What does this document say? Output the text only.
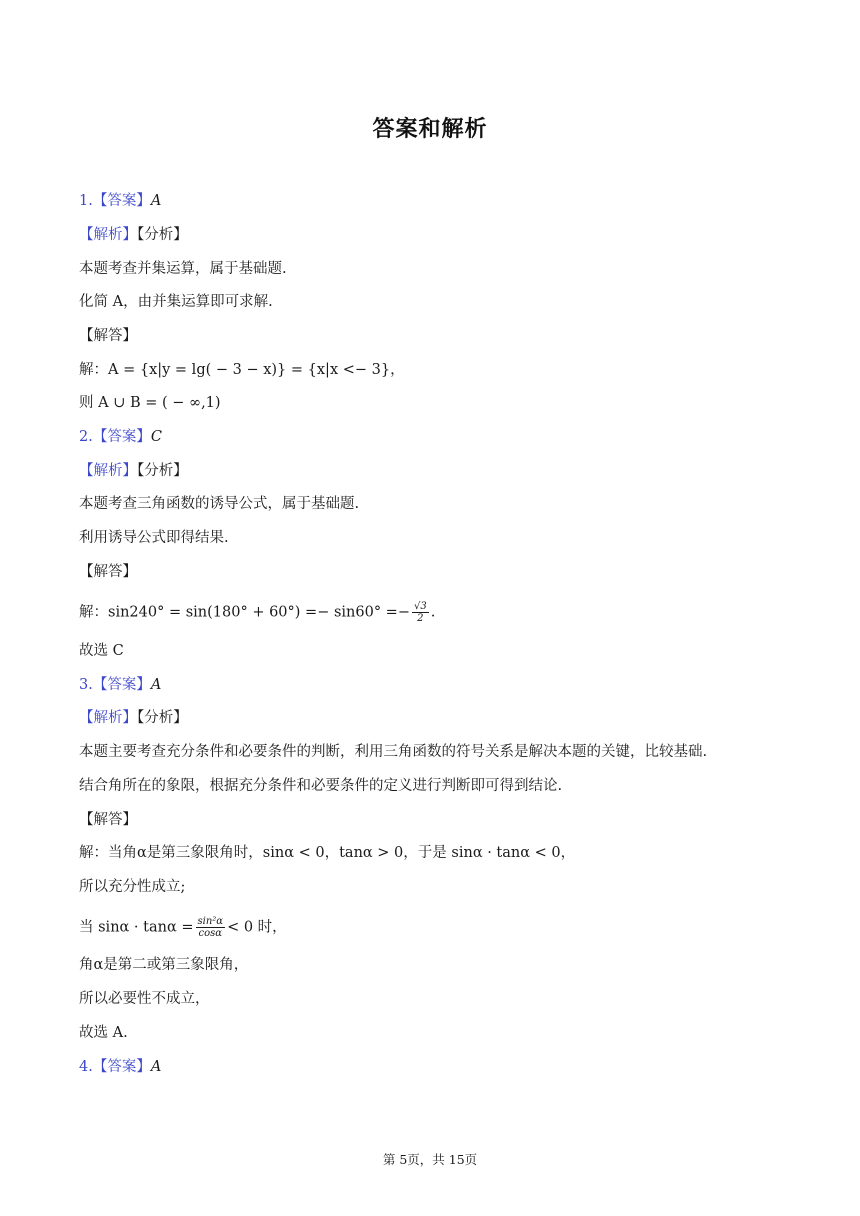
答案和解析
1.【答案】A
【解析】【分析】
本题考查并集运算，属于基础题.
化简 A，由并集运算即可求解.
【解答】
解：A = {x|y = lg( − 3 − x)} = {x|x <− 3}，
则 A ∪ B = ( − ∞,1)
2.【答案】C
【解析】【分析】
本题考查三角函数的诱导公式，属于基础题.
利用诱导公式即得结果.
【解答】
解：$\sin 240^\circ = \sin(180^\circ + 60^\circ) =- \sin 60^\circ =- \frac{√3}{2}$ .
故选 C
3.【答案】A
【解析】【分析】
本题主要考查充分条件和必要条件的判断，利用三角函数的符号关系是解决本题的关键，比较基础.
结合角所在的象限，根据充分条件和必要条件的定义进行判断即可得到结论.
【解答】
解：当角α是第三象限角时，sinα < 0，tanα > 0，于是 sinα · tanα < 0，
所以充分性成立;
当 $\sin\alpha \cdot \tan\alpha = \frac{\text{sin²α}}{\cos\alpha} < 0$ 时，
角α是第二或第三象限角，
所以必要性不成立，
故选 A.
4.【答案】A
第 5页，共 15页
